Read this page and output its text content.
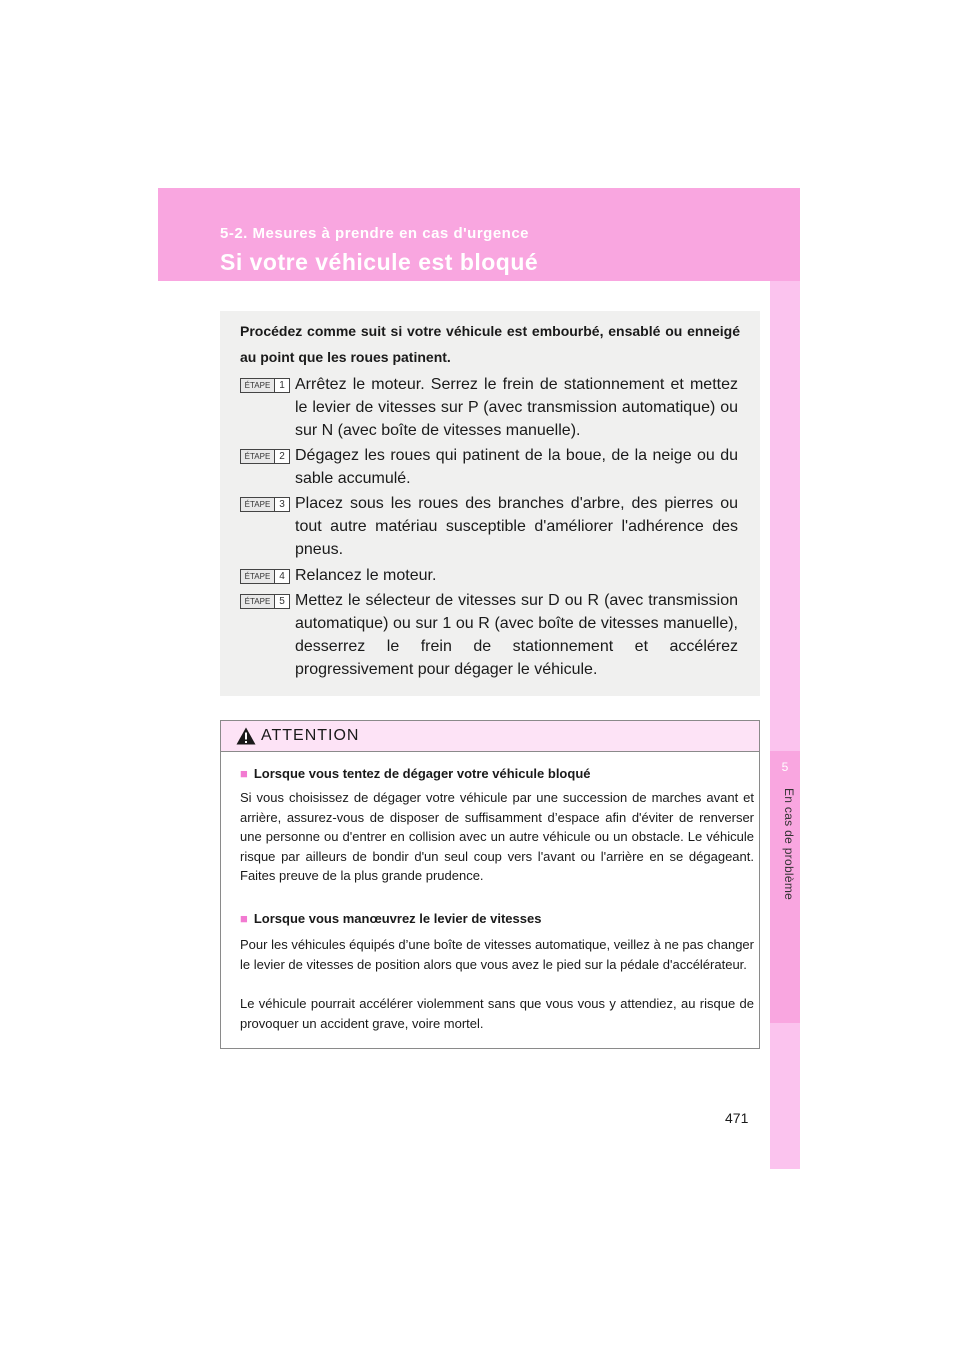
5-2. Mesures à prendre en cas d'urgence
Si votre véhicule est bloqué
5
En cas de problème
Procédez comme suit si votre véhicule est embourbé, ensablé ou enneigé au point que les roues patinent.
ÉTAPE 1 Arrêtez le moteur. Serrez le frein de stationnement et mettez le levier de vitesses sur P (avec transmission automatique) ou sur N (avec boîte de vitesses manuelle).
ÉTAPE 2 Dégagez les roues qui patinent de la boue, de la neige ou du sable accumulé.
ÉTAPE 3 Placez sous les roues des branches d'arbre, des pierres ou tout autre matériau susceptible d'améliorer l'adhérence des pneus.
ÉTAPE 4 Relancez le moteur.
ÉTAPE 5 Mettez le sélecteur de vitesses sur D ou R (avec transmission automatique) ou sur 1 ou R (avec boîte de vitesses manuelle), desserrez le frein de stationnement et accélérez progressivement pour dégager le véhicule.
ATTENTION
■ Lorsque vous tentez de dégager votre véhicule bloqué
Si vous choisissez de dégager votre véhicule par une succession de marches avant et arrière, assurez-vous de disposer de suffisamment d’espace afin d'éviter de renverser une personne ou d'entrer en collision avec un autre véhicule ou un obstacle. Le véhicule risque par ailleurs de bondir d'un seul coup vers l'avant ou l'arrière en se dégageant. Faites preuve de la plus grande prudence.
■ Lorsque vous manœuvrez le levier de vitesses
Pour les véhicules équipés d’une boîte de vitesses automatique, veillez à ne pas changer le levier de vitesses de position alors que vous avez le pied sur la pédale d'accélérateur.
Le véhicule pourrait accélérer violemment sans que vous vous y attendiez, au risque de provoquer un accident grave, voire mortel.
471
